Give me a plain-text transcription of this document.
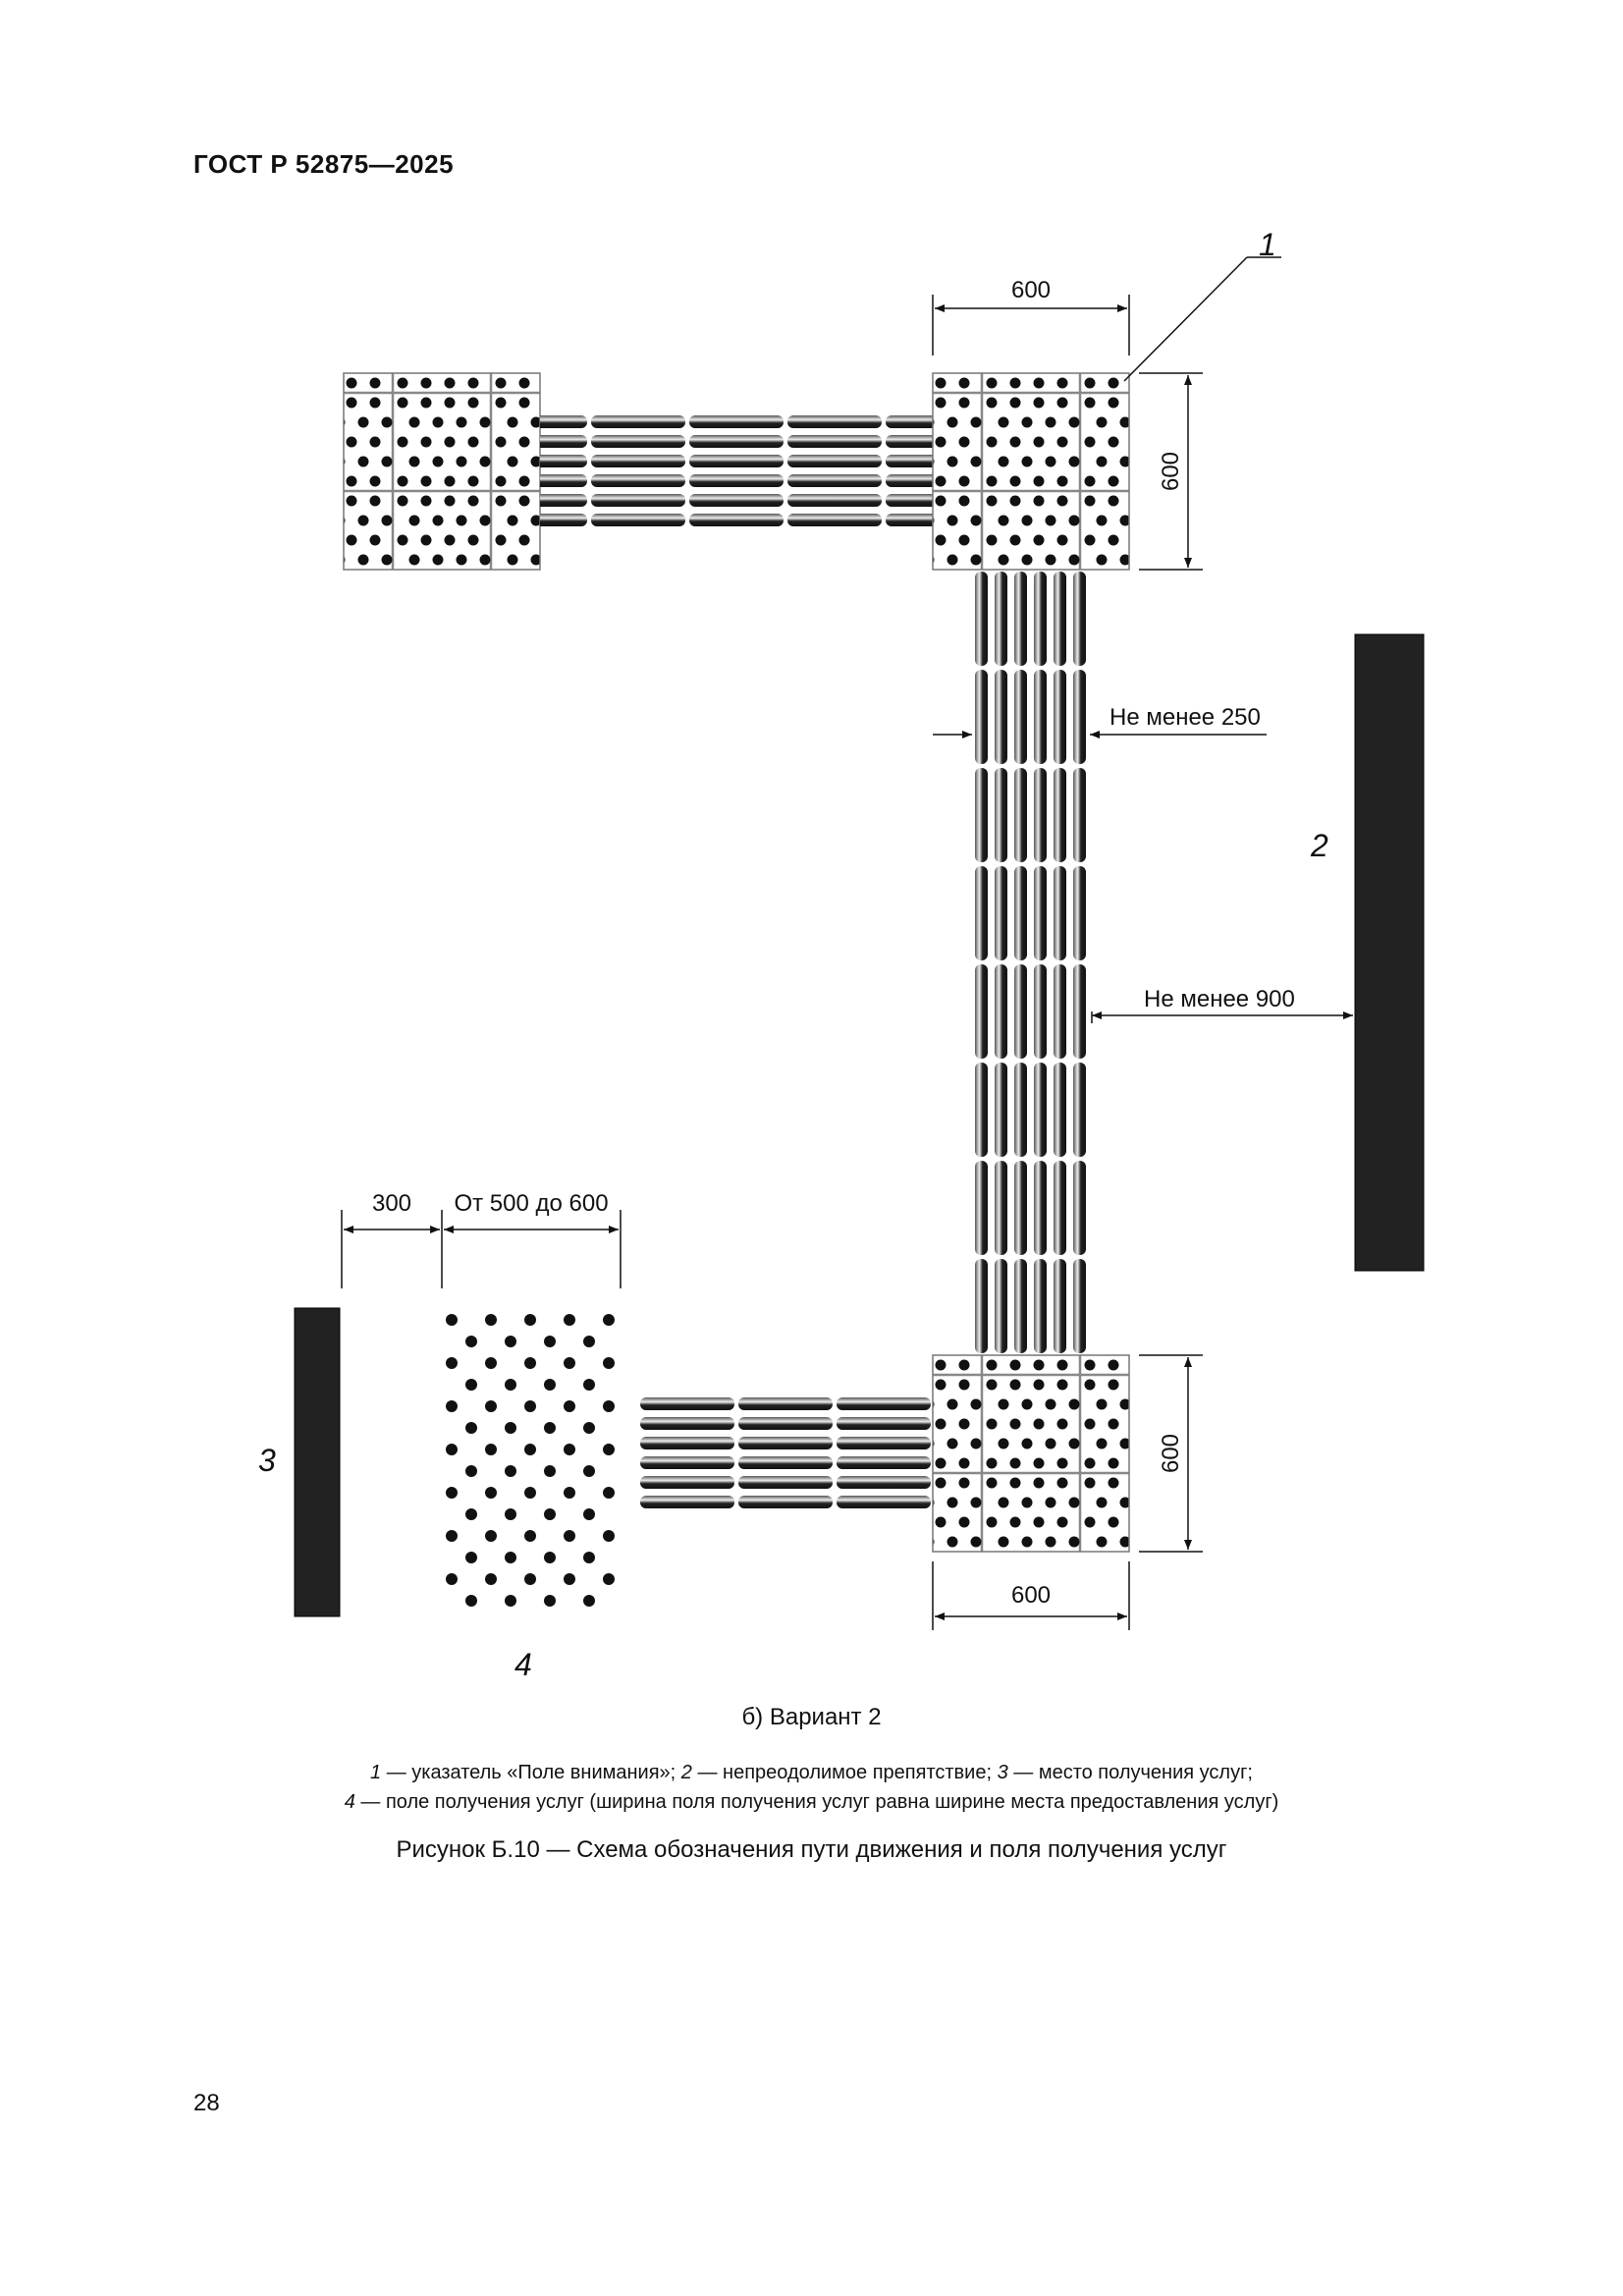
ГОСТ Р 52875—2025
600
600
1
Не менее 250
2
Не менее 900
300 От 500 до 600
3
4
600
600
б) Вариант 2
1 — указатель «Поле внимания»; 2 — непреодолимое препятствие; 3 — место получения услуг;
4 — поле получения услуг (ширина поля получения услуг равна ширине места предоставления услуг)
Рисунок Б.10 — Схема обозначения пути движения и поля получения услуг
28
